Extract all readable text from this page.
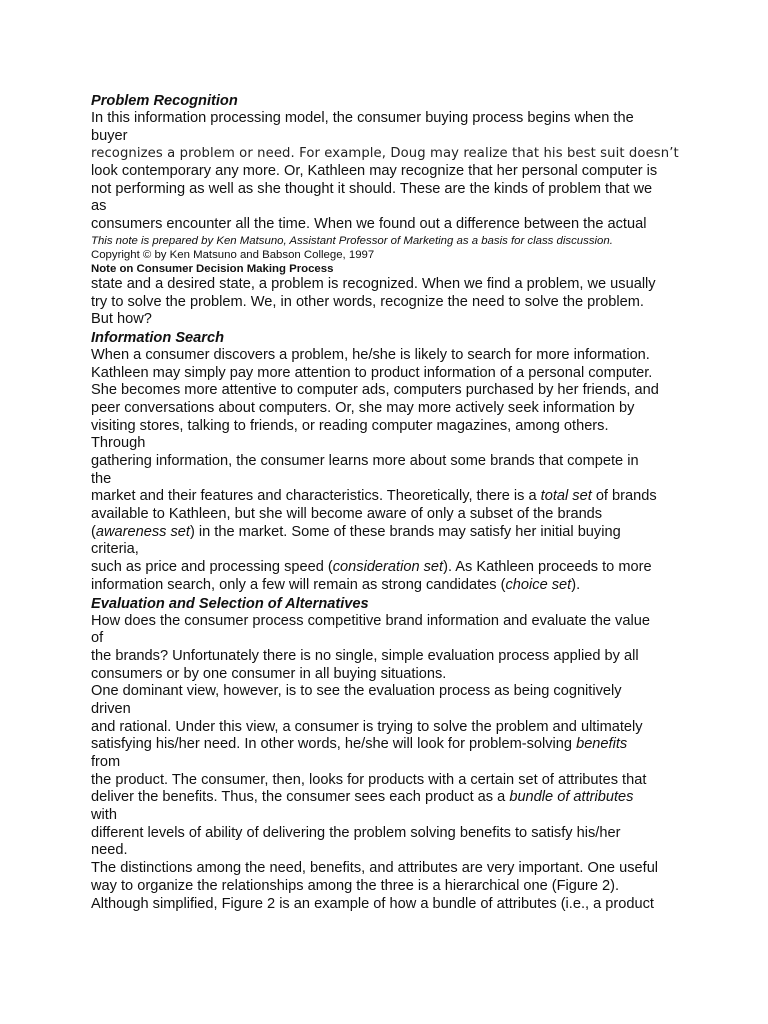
Problem Recognition
In this information processing model, the consumer buying process begins when the
buyer
recognizes a problem or need. For example, Doug may realize that his best suit doesn’t
look contemporary any more. Or, Kathleen may recognize that her personal computer is
not performing as well as she thought it should. These are the kinds of problem that we
as
consumers encounter all the time. When we found out a difference between the actual
This note is prepared by Ken Matsuno, Assistant Professor of Marketing as a basis for class discussion.
Copyright © by Ken Matsuno and Babson College, 1997
Note on Consumer Decision Making Process
state and a desired state, a problem is recognized. When we find a problem, we usually
try to solve the problem. We, in other words, recognize the need to solve the problem.
But how?
Information Search
When a consumer discovers a problem, he/she is likely to search for more information.
Kathleen may simply pay more attention to product information of a personal computer.
She becomes more attentive to computer ads, computers purchased by her friends, and
peer conversations about computers. Or, she may more actively seek information by
visiting stores, talking to friends, or reading computer magazines, among others.
Through
gathering information, the consumer learns more about some brands that compete in
the
market and their features and characteristics. Theoretically, there is a total set of brands
available to Kathleen, but she will become aware of only a subset of the brands
(awareness set) in the market. Some of these brands may satisfy her initial buying
criteria,
such as price and processing speed (consideration set). As Kathleen proceeds to more
information search, only a few will remain as strong candidates (choice set).
Evaluation and Selection of Alternatives
How does the consumer process competitive brand information and evaluate the value
of
the brands? Unfortunately there is no single, simple evaluation process applied by all
consumers or by one consumer in all buying situations.
One dominant view, however, is to see the evaluation process as being cognitively
driven
and rational. Under this view, a consumer is trying to solve the problem and ultimately
satisfying his/her need. In other words, he/she will look for problem-solving benefits
from
the product. The consumer, then, looks for products with a certain set of attributes that
deliver the benefits. Thus, the consumer sees each product as a bundle of attributes
with
different levels of ability of delivering the problem solving benefits to satisfy his/her
need.
The distinctions among the need, benefits, and attributes are very important. One useful
way to organize the relationships among the three is a hierarchical one (Figure 2).
Although simplified, Figure 2 is an example of how a bundle of attributes (i.e., a product
